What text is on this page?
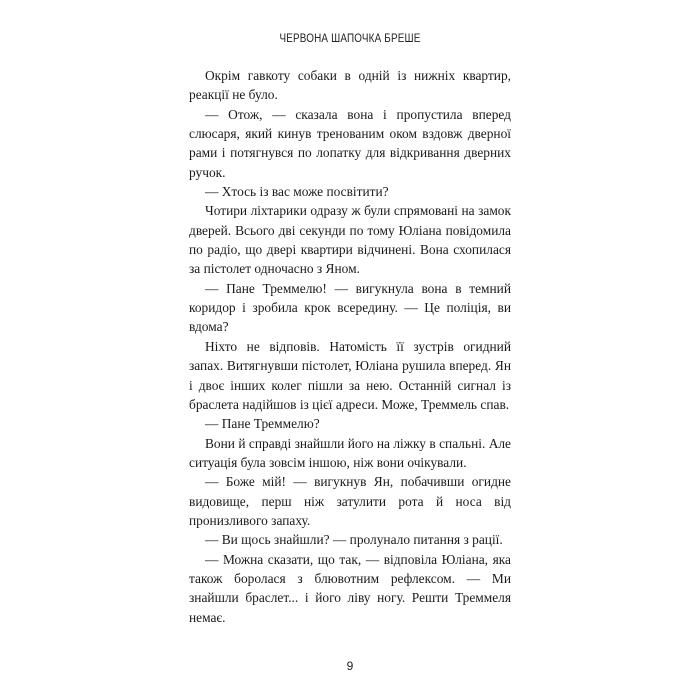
ЧЕРВОНА ШАПОЧКА БРЕШЕ

Окрім гавкоту собаки в одній із нижніх квартир, реакції не було.

— Отож, — сказала вона і пропустила вперед слюсаря, який кинув тренованим оком вздовж дверної рами і потягнувся по лопатку для відкривання дверних ручок.

— Хтось із вас може посвітити?

Чотири ліхтарики одразу ж були спрямовані на замок дверей. Всього дві секунди по тому Юліана повідомила по радіо, що двері квартири відчинені. Вона схопилася за пістолет одночасно з Яном.

— Пане Треммелю! — вигукнула вона в темний коридор і зробила крок всередину. — Це поліція, ви вдома?

Ніхто не відповів. Натомість її зустрів огидний запах. Витягнувши пістолет, Юліана рушила вперед. Ян і двоє інших колег пішли за нею. Останній сигнал із браслета надійшов із цієї адреси. Може, Треммель спав.

— Пане Треммелю?

Вони й справді знайшли його на ліжку в спальні. Але ситуація була зовсім іншою, ніж вони очікували.

— Боже мій! — вигукнув Ян, побачивши огидне видовище, перш ніж затулити рота й носа від пронизливого запаху.

— Ви щось знайшли? — пролунало питання з рації.

— Можна сказати, що так, — відповіла Юліана, яка також боролася з блювотним рефлексом. — Ми знайшли браслет... і його ліву ногу. Решти Треммеля немає.

9
